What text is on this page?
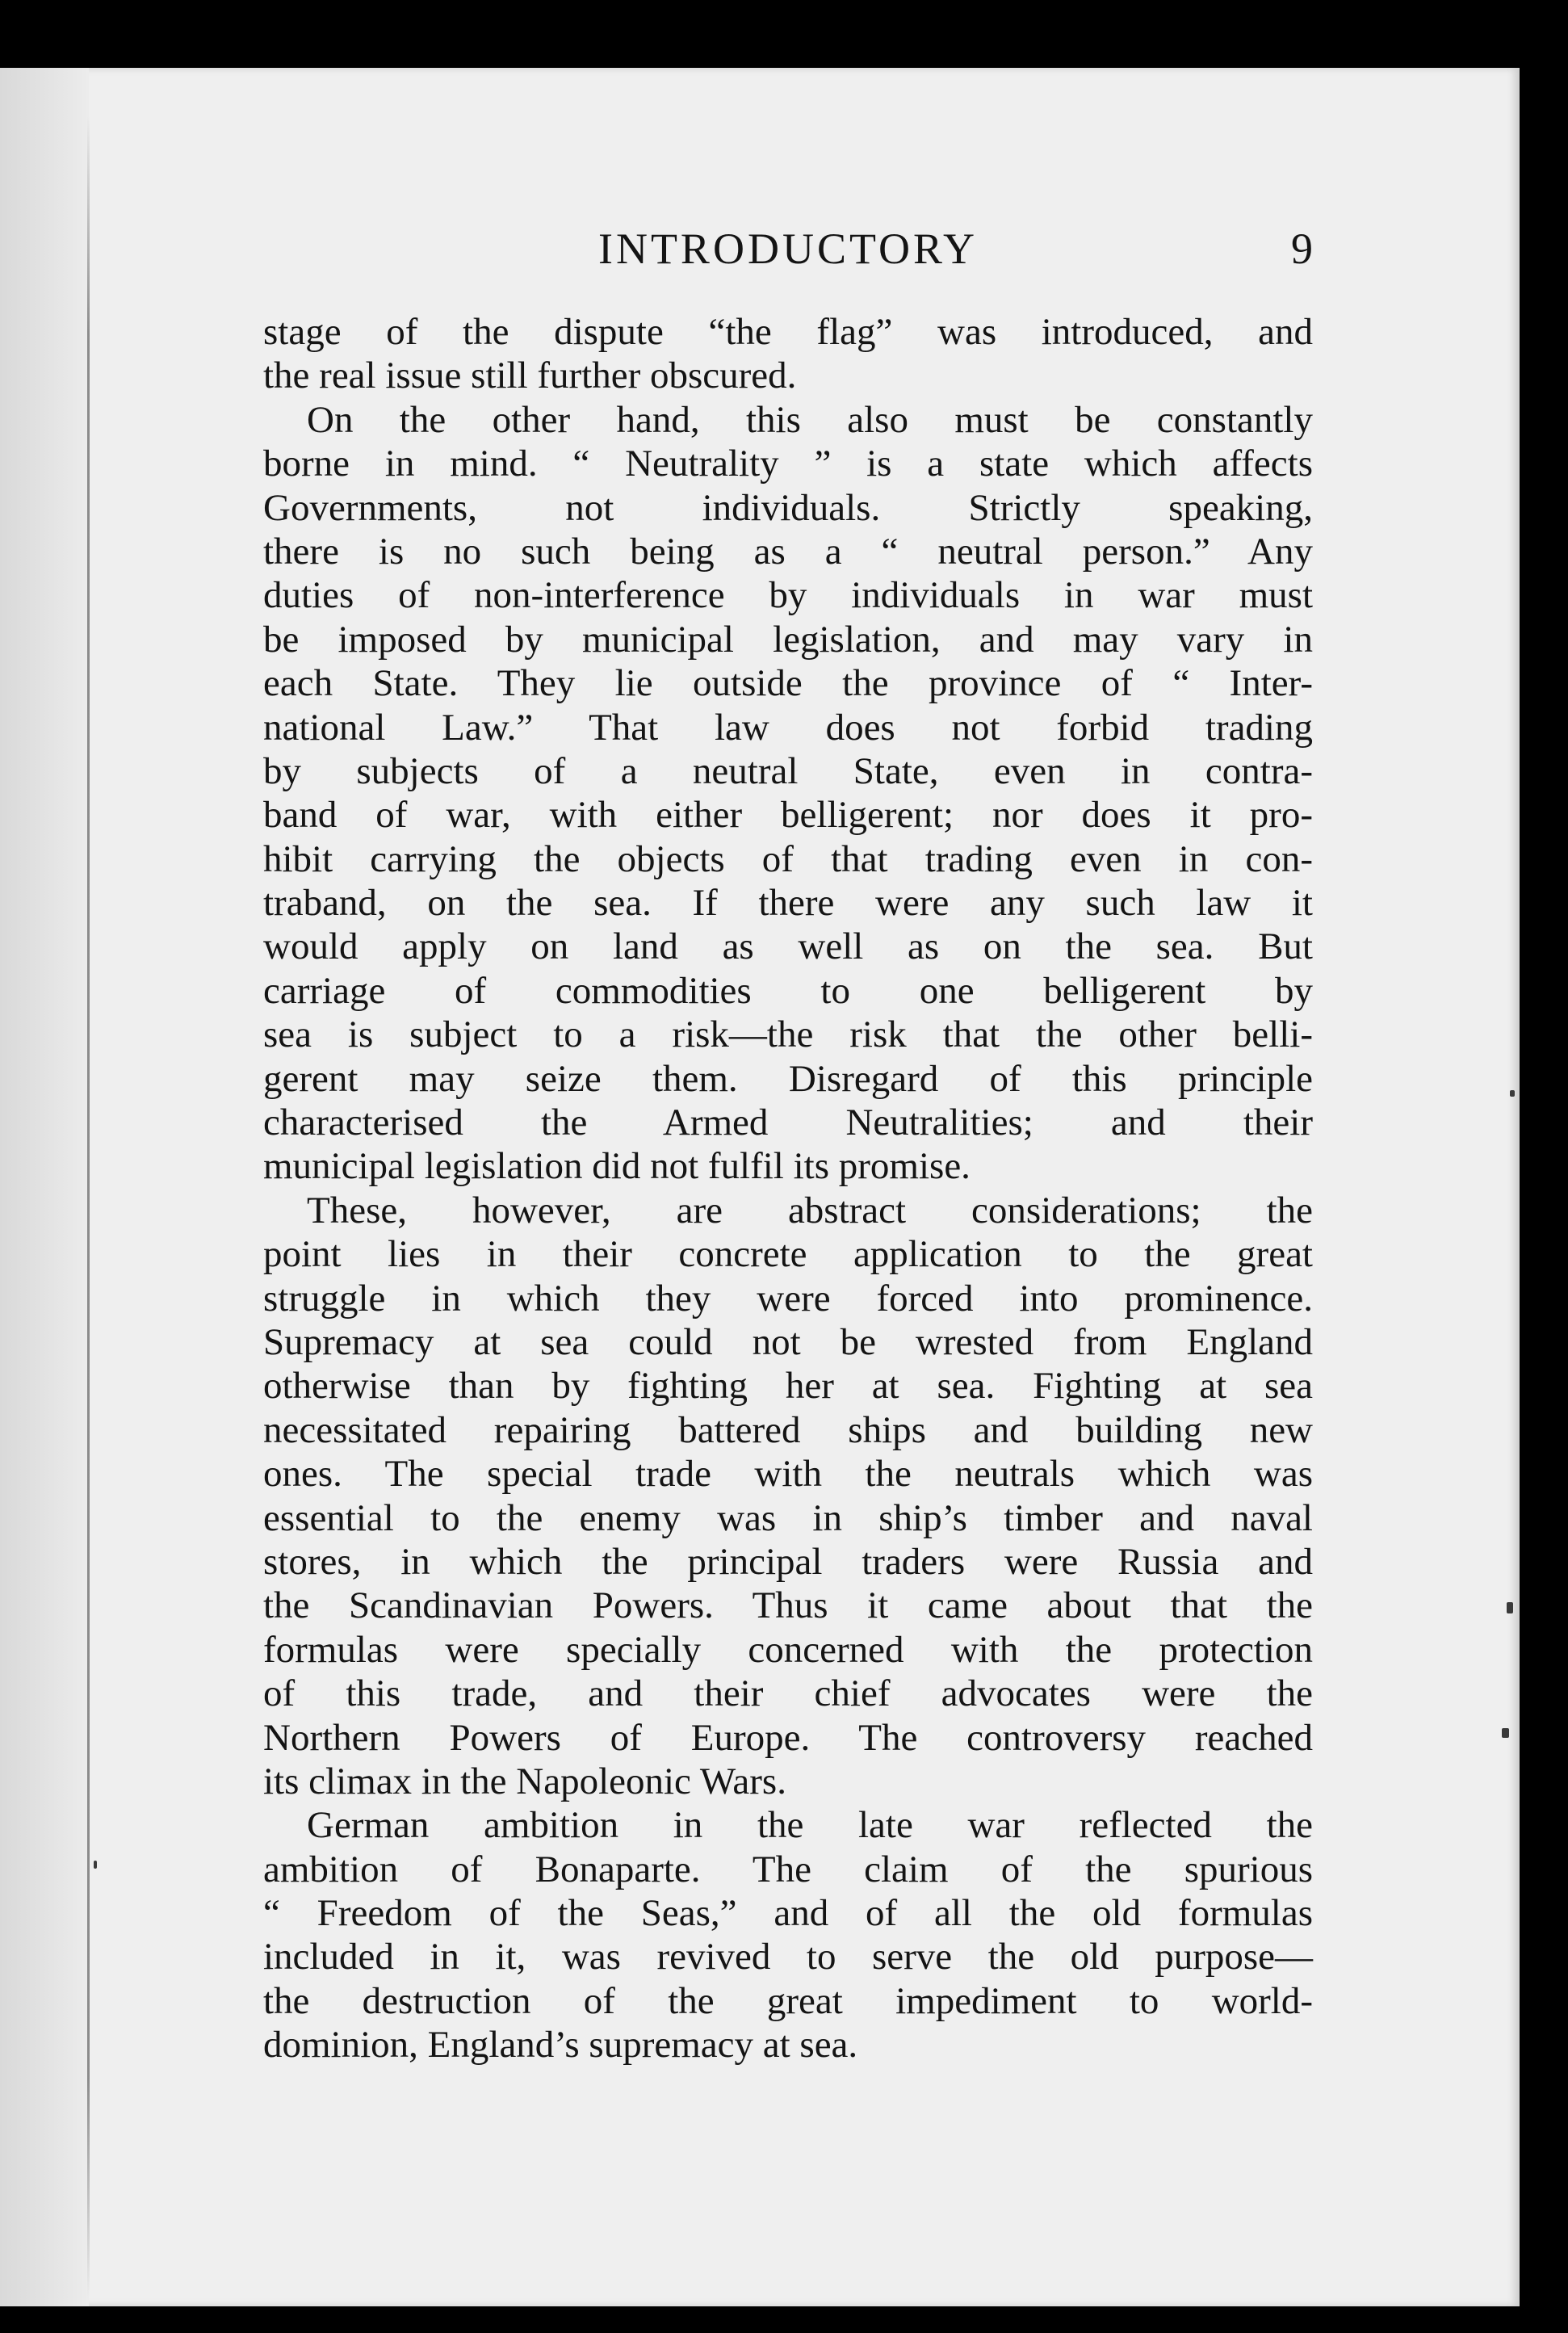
INTRODUCTORY	9
stage of the dispute “the flag” was introduced, and
the real issue still further obscured.
On the other hand, this also must be constantly
borne in mind. “ Neutrality ” is a state which affects
Governments, not individuals. Strictly speaking,
there is no such being as a “ neutral person.” Any
duties of non-interference by individuals in war must
be imposed by municipal legislation, and may vary in
each State. They lie outside the province of “ Inter-
national Law.” That law does not forbid trading
by subjects of a neutral State, even in contra-
band of war, with either belligerent; nor does it pro-
hibit carrying the objects of that trading even in con-
traband, on the sea. If there were any such law it
would apply on land as well as on the sea. But
carriage of commodities to one belligerent by
sea is subject to a risk—the risk that the other belli-
gerent may seize them. Disregard of this principle
characterised the Armed Neutralities; and their
municipal legislation did not fulfil its promise.
These, however, are abstract considerations; the
point lies in their concrete application to the great
struggle in which they were forced into prominence.
Supremacy at sea could not be wrested from England
otherwise than by fighting her at sea. Fighting at sea
necessitated repairing battered ships and building new
ones. The special trade with the neutrals which was
essential to the enemy was in ship’s timber and naval
stores, in which the principal traders were Russia and
the Scandinavian Powers. Thus it came about that the
formulas were specially concerned with the protection
of this trade, and their chief advocates were the
Northern Powers of Europe. The controversy reached
its climax in the Napoleonic Wars.
German ambition in the late war reflected the
ambition of Bonaparte. The claim of the spurious
“ Freedom of the Seas,” and of all the old formulas
included in it, was revived to serve the old purpose—
the destruction of the great impediment to world-
dominion, England’s supremacy at sea.
